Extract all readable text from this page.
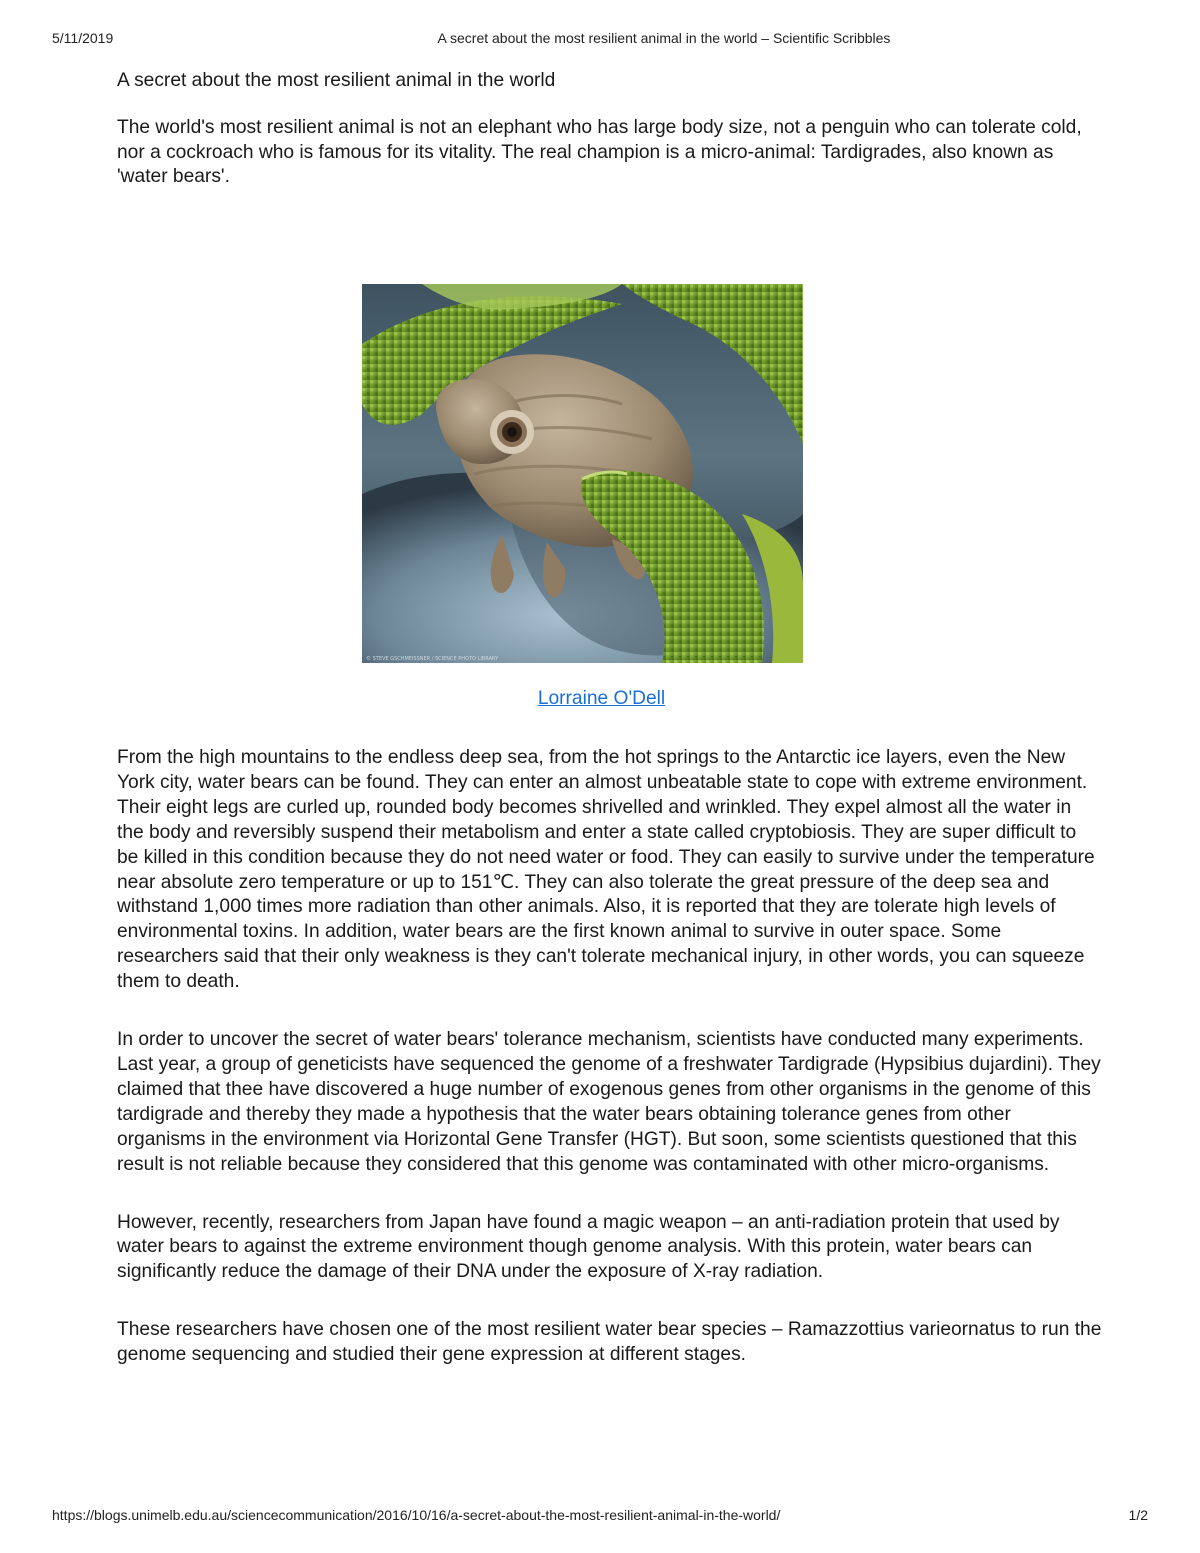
5/11/2019	A secret about the most resilient animal in the world – Scientific Scribbles

A secret about the most resilient animal in the world

The world's most resilient animal is not an elephant who has large body size, not a penguin who can tolerate cold, nor a cockroach who is famous for its vitality. The real champion is a micro-animal: Tardigrades, also known as 'water bears'.

© STEVE GSCHMEISSNER / SCIENCE PHOTO LIBRARY
Lorraine O'Dell

From the high mountains to the endless deep sea, from the hot springs to the Antarctic ice layers, even the New York city, water bears can be found. They can enter an almost unbeatable state to cope with extreme environment. Their eight legs are curled up, rounded body becomes shrivelled and wrinkled. They expel almost all the water in the body and reversibly suspend their metabolism and enter a state called cryptobiosis. They are super difficult to be killed in this condition because they do not need water or food. They can easily to survive under the temperature near absolute zero temperature or up to 151℃. They can also tolerate the great pressure of the deep sea and withstand 1,000 times more radiation than other animals. Also, it is reported that they are tolerate high levels of environmental toxins. In addition, water bears are the first known animal to survive in outer space. Some researchers said that their only weakness is they can't tolerate mechanical injury, in other words, you can squeeze them to death.

In order to uncover the secret of water bears' tolerance mechanism, scientists have conducted many experiments. Last year, a group of geneticists have sequenced the genome of a freshwater Tardigrade (Hypsibius dujardini). They claimed that thee have discovered a huge number of exogenous genes from other organisms in the genome of this tardigrade and thereby they made a hypothesis that the water bears obtaining tolerance genes from other organisms in the environment via Horizontal Gene Transfer (HGT). But soon, some scientists questioned that this result is not reliable because they considered that this genome was contaminated with other micro-organisms.

However, recently, researchers from Japan have found a magic weapon – an anti-radiation protein that used by water bears to against the extreme environment though genome analysis. With this protein, water bears can significantly reduce the damage of their DNA under the exposure of X-ray radiation.

These researchers have chosen one of the most resilient water bear species – Ramazzottius varieornatus to run the genome sequencing and studied their gene expression at different stages.

https://blogs.unimelb.edu.au/sciencecommunication/2016/10/16/a-secret-about-the-most-resilient-animal-in-the-world/	1/2
